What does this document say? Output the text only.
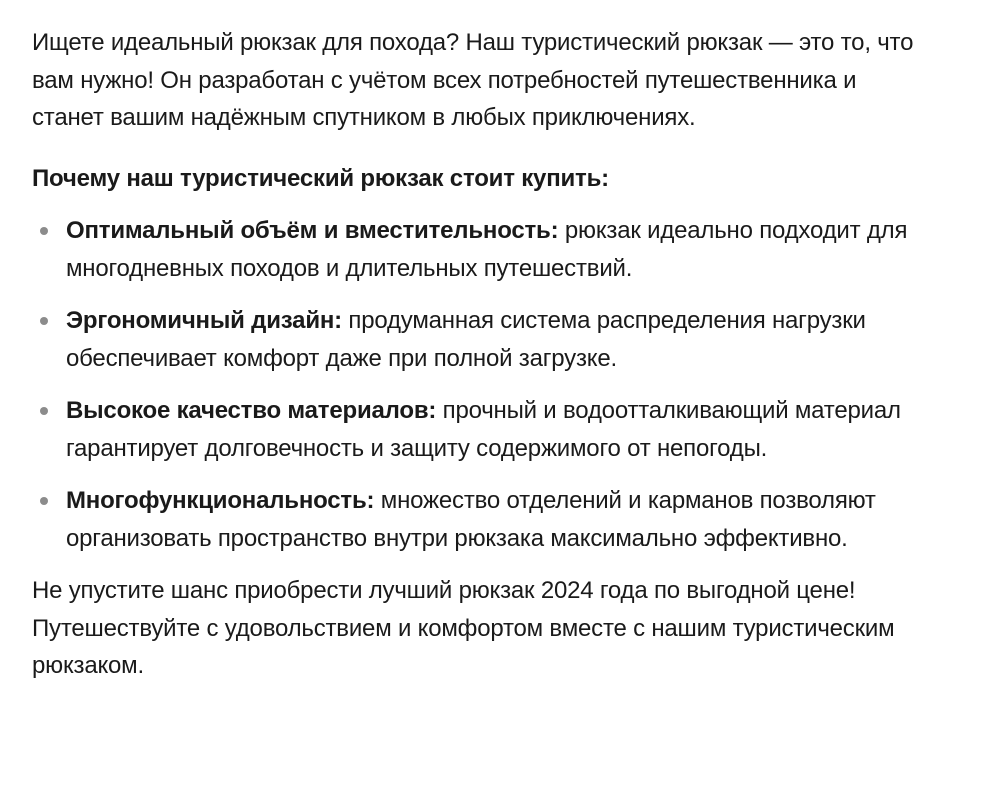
Ищете идеальный рюкзак для похода? Наш туристический рюкзак — это то, что вам нужно! Он разработан с учётом всех потребностей путешественника и станет вашим надёжным спутником в любых приключениях.

Почему наш туристический рюкзак стоит купить:

Оптимальный объём и вместительность: рюкзак идеально подходит для многодневных походов и длительных путешествий.
Эргономичный дизайн: продуманная система распределения нагрузки обеспечивает комфорт даже при полной загрузке.
Высокое качество материалов: прочный и водоотталкивающий материал гарантирует долговечность и защиту содержимого от непогоды.
Многофункциональность: множество отделений и карманов позволяют организовать пространство внутри рюкзака максимально эффективно.

Не упустите шанс приобрести лучший рюкзак 2024 года по выгодной цене! Путешествуйте с удовольствием и комфортом вместе с нашим туристическим рюкзаком.
